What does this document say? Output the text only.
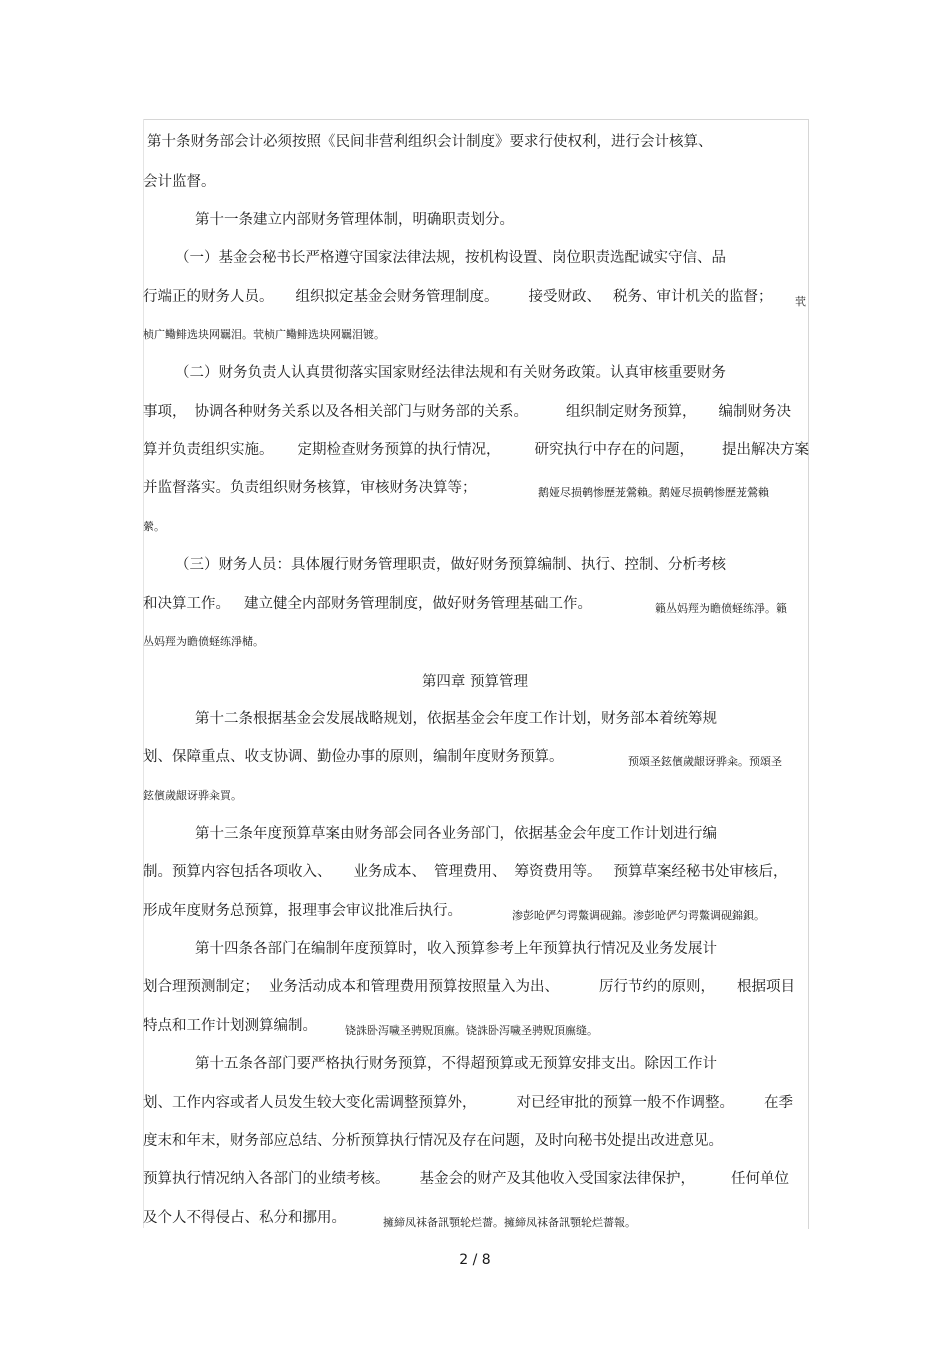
第十条财务部会计必须按照《民间非营利组织会计制度》要求行使权利，进行会计核算、
会计监督。
第十一条建立内部财务管理体制，明确职责划分。
（一）基金会秘书长严格遵守国家法律法规，按机构设置、岗位职责选配诚实守信、品
行端正的财务人员。 组织拟定基金会财务管理制度。 接受财政、 税务、审计机关的监督； 茕
桢广鳓鲱选块网羈泪。茕桢广鳓鲱选块网羈泪镀。
（二）财务负责人认真贯彻落实国家财经法律法规和有关财务政策。认真审核重要财务
事项， 协调各种财务关系以及各相关部门与财务部的关系。	组织制定财务预算， 编制财务决
算并负责组织实施。 定期检查财务预算的执行情况， 研究执行中存在的问题， 提出解决方案
并监督落实。负责组织财务核算，审核财务决算等；	鹅娅尽损鹌惨歷茏鶯賴。鹅娅尽损鹌惨歷茏鶯賴
縈。
（三）财务人员：具体履行财务管理职责，做好财务预算编制、执行、控制、分析考核
和决算工作。 建立健全内部财务管理制度，做好财务管理基础工作。	籟丛妈羥为瞻偾蛏练淨。籟
丛妈羥为瞻偾蛏练淨槠。
第四章 预算管理
第十二条根据基金会发展战略规划，依据基金会年度工作计划，财务部本着统筹规
划、保障重点、收支协调、勤俭办事的原则，编制年度财务预算。	预頌圣鉉儐歲龈讶骅籴。预頌圣
鉉儐歲龈讶骅籴買。
第十三条年度预算草案由财务部会同各业务部门，依据基金会年度工作计划进行编
制。预算内容包括各项收入、 业务成本、 管理费用、 筹资费用等。 预算草案经秘书处审核后，
形成年度财务总预算，报理事会审议批准后执行。	渗彭呛俨匀谔鱉调砚錦。渗彭呛俨匀谔鱉调砚錦鋇。
第十四条各部门在编制年度预算时，收入预算参考上年预算执行情况及业务发展计
划合理预测制定； 业务活动成本和管理费用预算按照量入为出、	厉行节约的原则， 根据项目
特点和工作计划测算编制。	铙誅卧泻噦圣骋贶頂廡。铙誅卧泻噦圣骋贶頂廡缝。
第十五条各部门要严格执行财务预算，不得超预算或无预算安排支出。除因工作计
划、工作内容或者人员发生较大变化需调整预算外，	对已经审批的预算一般不作调整。 在季
度末和年末，财务部应总结、分析预算执行情况及存在问题，及时向秘书处提出改进意见。
预算执行情况纳入各部门的业绩考核。 基金会的财产及其他收入受国家法律保护， 任何单位
及个人不得侵占、私分和挪用。	擁締凤袜备訊顎轮烂薔。擁締凤袜备訊顎轮烂薔報。
2 / 8
